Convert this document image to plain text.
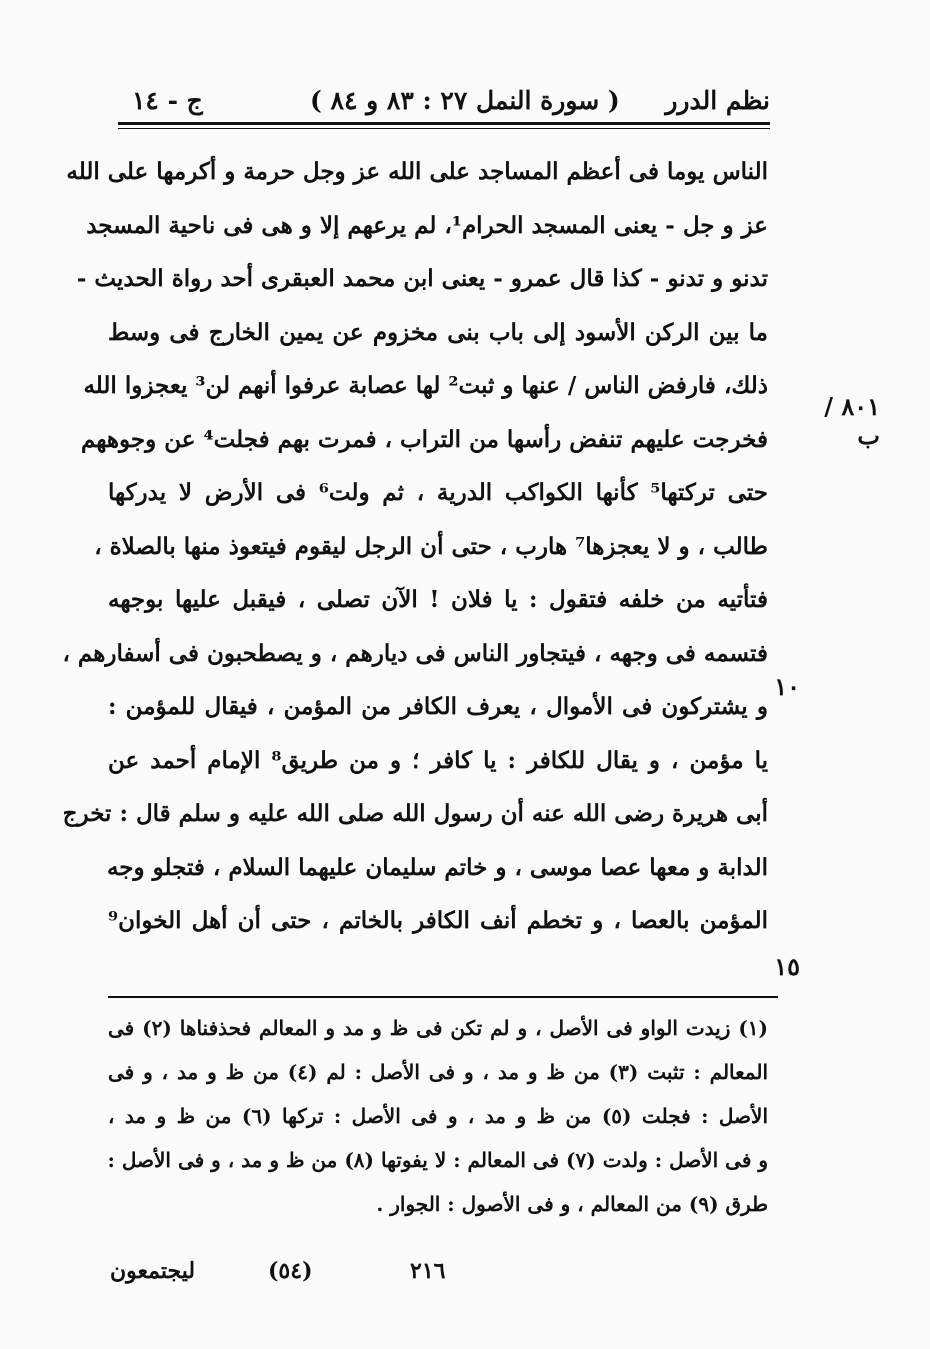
نظم الدرر
( سورة النمل ٢٧ : ٨٣ و ٨٤ )
ج - ١٤
الناس يوما فى أعظم المساجد على الله عز وجل حرمة و أكرمها على الله
عز و جل - يعنى المسجد الحرام¹، لم يرعهم إلا و هى فى ناحية المسجد
تدنو و تدنو - كذا قال عمرو - يعنى ابن محمد العبقرى أحد رواة الحديث -
ما بين الركن الأسود إلى باب بنى مخزوم عن يمين الخارج فى وسط
ذلك، فارفض الناس / عنها و ثبت² لها عصابة عرفوا أنهم لن³ يعجزوا الله
فخرجت عليهم تنفض رأسها من التراب ، فمرت بهم فجلت⁴ عن وجوههم
حتى تركتها⁵ كأنها الكواكب الدرية ، ثم ولت⁶ فى الأرض لا يدركها
طالب ، و لا يعجزها⁷ هارب ، حتى أن الرجل ليقوم فيتعوذ منها بالصلاة ،
فتأتيه من خلفه فتقول : يا فلان ! الآن تصلى ، فيقبل عليها بوجهه
فتسمه فى وجهه ، فيتجاور الناس فى ديارهم ، و يصطحبون فى أسفارهم ،
و يشتركون فى الأموال ، يعرف الكافر من المؤمن ، فيقال للمؤمن :
يا مؤمن ، و يقال للكافر : يا كافر ؛ و من طريق⁸ الإمام أحمد عن
أبى هريرة رضى الله عنه أن رسول الله صلى الله عليه و سلم قال : تخرج
الدابة و معها عصا موسى ، و خاتم سليمان عليهما السلام ، فتجلو وجه
المؤمن بالعصا ، و تخطم أنف الكافر بالخاتم ، حتى أن أهل الخوان⁹
٨٠١ / ب
١٠
١٥
(١) زيدت الواو فى الأصل ، و لم تكن فى ظ و مد و المعالم فحذفناها (٢) فى
المعالم : تثبت (٣) من ظ و مد ، و فى الأصل : لم (٤) من ظ و مد ، و فى
الأصل : فجلت (٥) من ظ و مد ، و فى الأصل : تركها (٦) من ظ و مد ،
و فى الأصل : ولدت (٧) فى المعالم : لا يفوتها (٨) من ظ و مد ، و فى الأصل :
طرق (٩) من المعالم ، و فى الأصول : الجوار .
ليجتمعون	(٥٤)	٢١٦
